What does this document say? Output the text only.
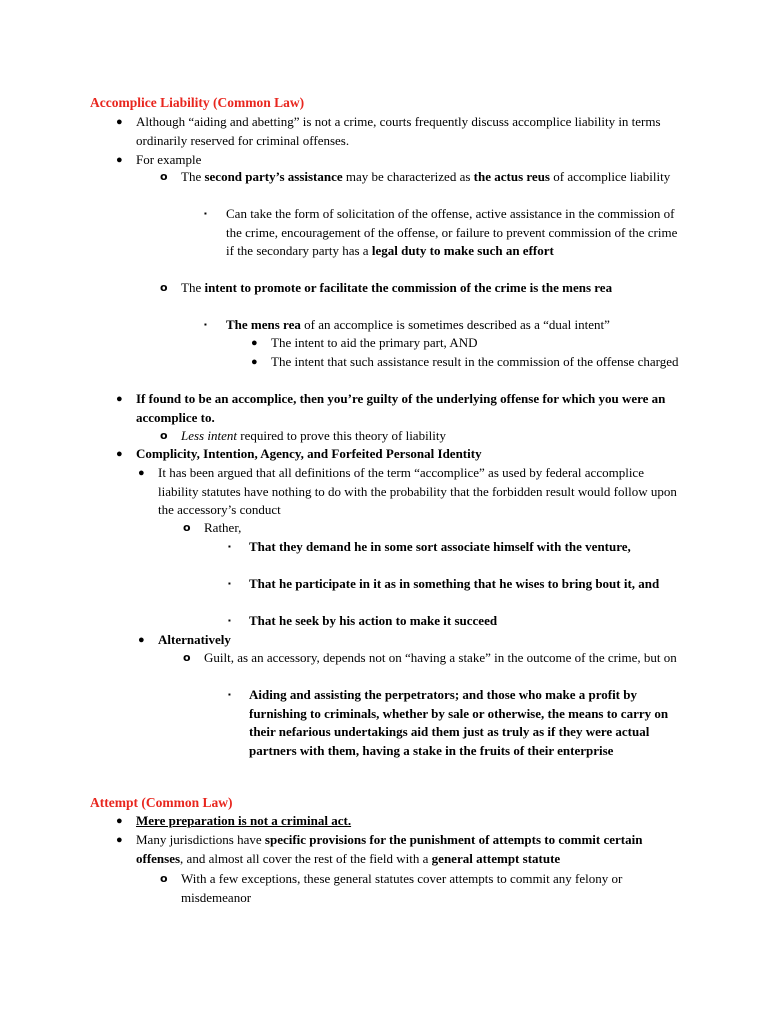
Accomplice Liability (Common Law)
Attempt (Common Law)
● Although “aiding and abetting” is not a crime, courts frequently discuss accomplice liability in terms ordinarily reserved for criminal offenses.
● For example
o The second party’s assistance may be characterized as the actus reus of accomplice liability
▪ Can take the form of solicitation of the offense, active assistance in the commission of the crime, encouragement of the offense, or failure to prevent commission of the crime if the secondary party has a legal duty to make such an effort
o The intent to promote or facilitate the commission of the crime is the mens rea
▪ The mens rea of an accomplice is sometimes described as a “dual intent”
● The intent to aid the primary part, AND
● The intent that such assistance result in the commission of the offense charged
● If found to be an accomplice, then you’re guilty of the underlying offense for which you were an accomplice to.
o Less intent required to prove this theory of liability
● Complicity, Intention, Agency, and Forfeited Personal Identity
● It has been argued that all definitions of the term “accomplice” as used by federal accomplice liability statutes have nothing to do with the probability that the forbidden result would follow upon the accessory’s conduct
o Rather,
▪ That they demand he in some sort associate himself with the venture,
▪ That he participate in it as in something that he wises to bring bout it, and
▪ That he seek by his action to make it succeed
● Alternatively
o Guilt, as an accessory, depends not on “having a stake” in the outcome of the crime, but on
▪ Aiding and assisting the perpetrators; and those who make a profit by furnishing to criminals, whether by sale or otherwise, the means to carry on their nefarious undertakings aid them just as truly as if they were actual partners with them, having a stake in the fruits of their enterprise
● Mere preparation is not a criminal act.
● Many jurisdictions have specific provisions for the punishment of attempts to commit certain offenses, and almost all cover the rest of the field with a general attempt statute
o With a few exceptions, these general statutes cover attempts to commit any felony or misdemeanor
